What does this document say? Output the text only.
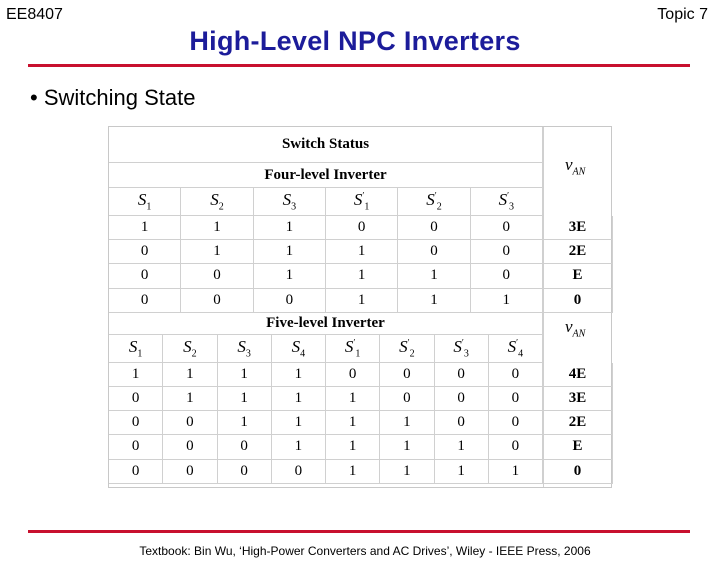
EE8407	Topic 7
High-Level NPC Inverters
• Switching State
Switch Status
Four-level Inverter
$v_{AN}$
$S_1$	$S_2$	$S_3$	$S'_1$	$S'_2$	$S'_3$
1	1	1	0	0	0	3E
0	1	1	1	0	0	2E
0	0	1	1	1	0	E
0	0	0	1	1	1	0
Five-level Inverter	$v_{AN}$
$S_1$ $S_2$ $S_3$ $S_4$ $S'_1$ $S'_2$ $S'_3$ $S'_4$
1	1	1	1	0	0	0	0	4E
0	1	1	1	1	0	0	0	3E
0	0	1	1	1	1	0	0	2E
0	0	0	1	1	1	1	0	E
0	0	0	0	1	1	1	1	0
Textbook: Bin Wu, ‘High-Power Converters and AC Drives’, Wiley - IEEE Press, 2006
